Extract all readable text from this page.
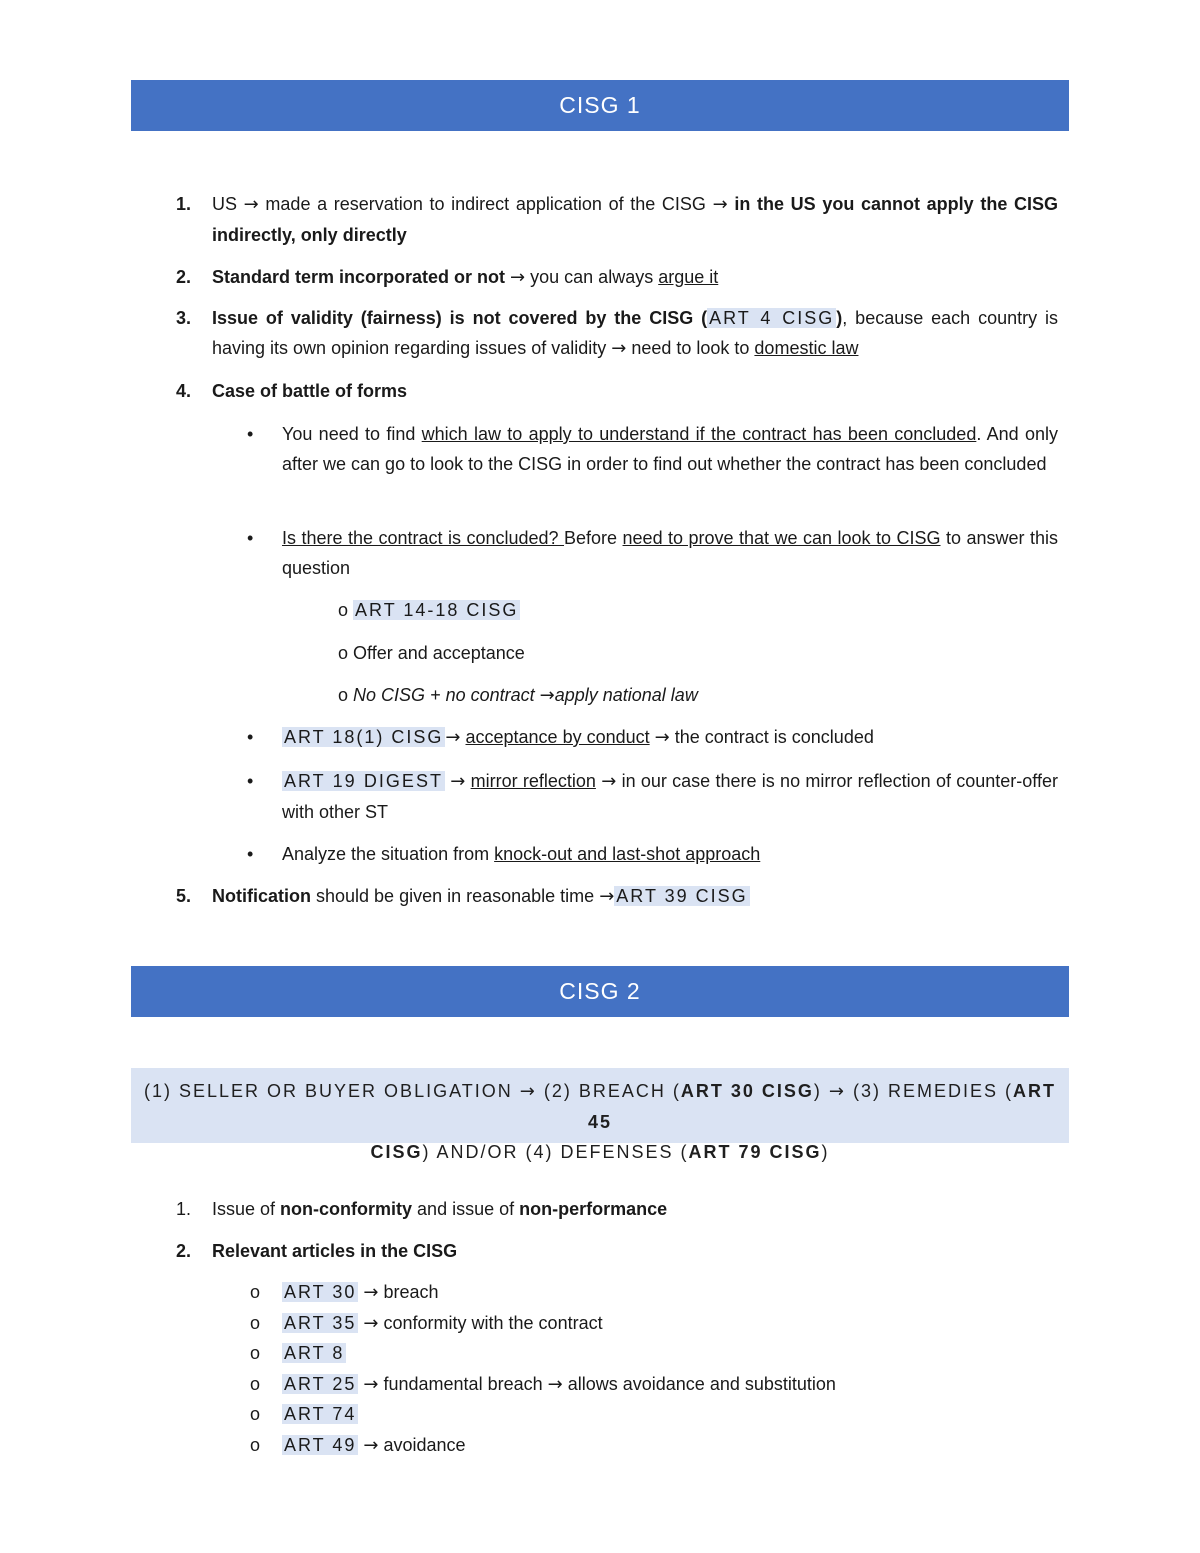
CISG 1
1. US → made a reservation to indirect application of the CISG → in the US you cannot apply the CISG indirectly, only directly
2. Standard term incorporated or not → you can always argue it
3. Issue of validity (fairness) is not covered by the CISG ( ART 4 CISG ), because each country is having its own opinion regarding issues of validity → need to look to domestic law
4. Case of battle of forms
• You need to find which law to apply to understand if the contract has been concluded. And only after we can go to look to the CISG in order to find out whether the contract has been concluded
• Is there the contract is concluded? Before need to prove that we can look to CISG to answer this question
o ART 14-18 CISG
o Offer and acceptance
o No CISG + no contract →apply national law
• ART 18(1) CISG → acceptance by conduct → the contract is concluded
• ART 19 DIGEST → mirror reflection → in our case there is no mirror reflection of counter-offer with other ST
• Analyze the situation from knock-out and last-shot approach
5. Notification should be given in reasonable time → ART 39 CISG
CISG 2
(1) SELLER OR BUYER OBLIGATION → (2) BREACH (ART 30 CISG) → (3) REMEDIES (ART 45
CISG) AND/OR (4) DEFENSES (ART 79 CISG)
1. Issue of non-conformity and issue of non-performance
2. Relevant articles in the CISG
o ART 30 → breach
o ART 35 → conformity with the contract
o ART 8
o ART 25 → fundamental breach → allows avoidance and substitution
o ART 74
o ART 49 → avoidance
